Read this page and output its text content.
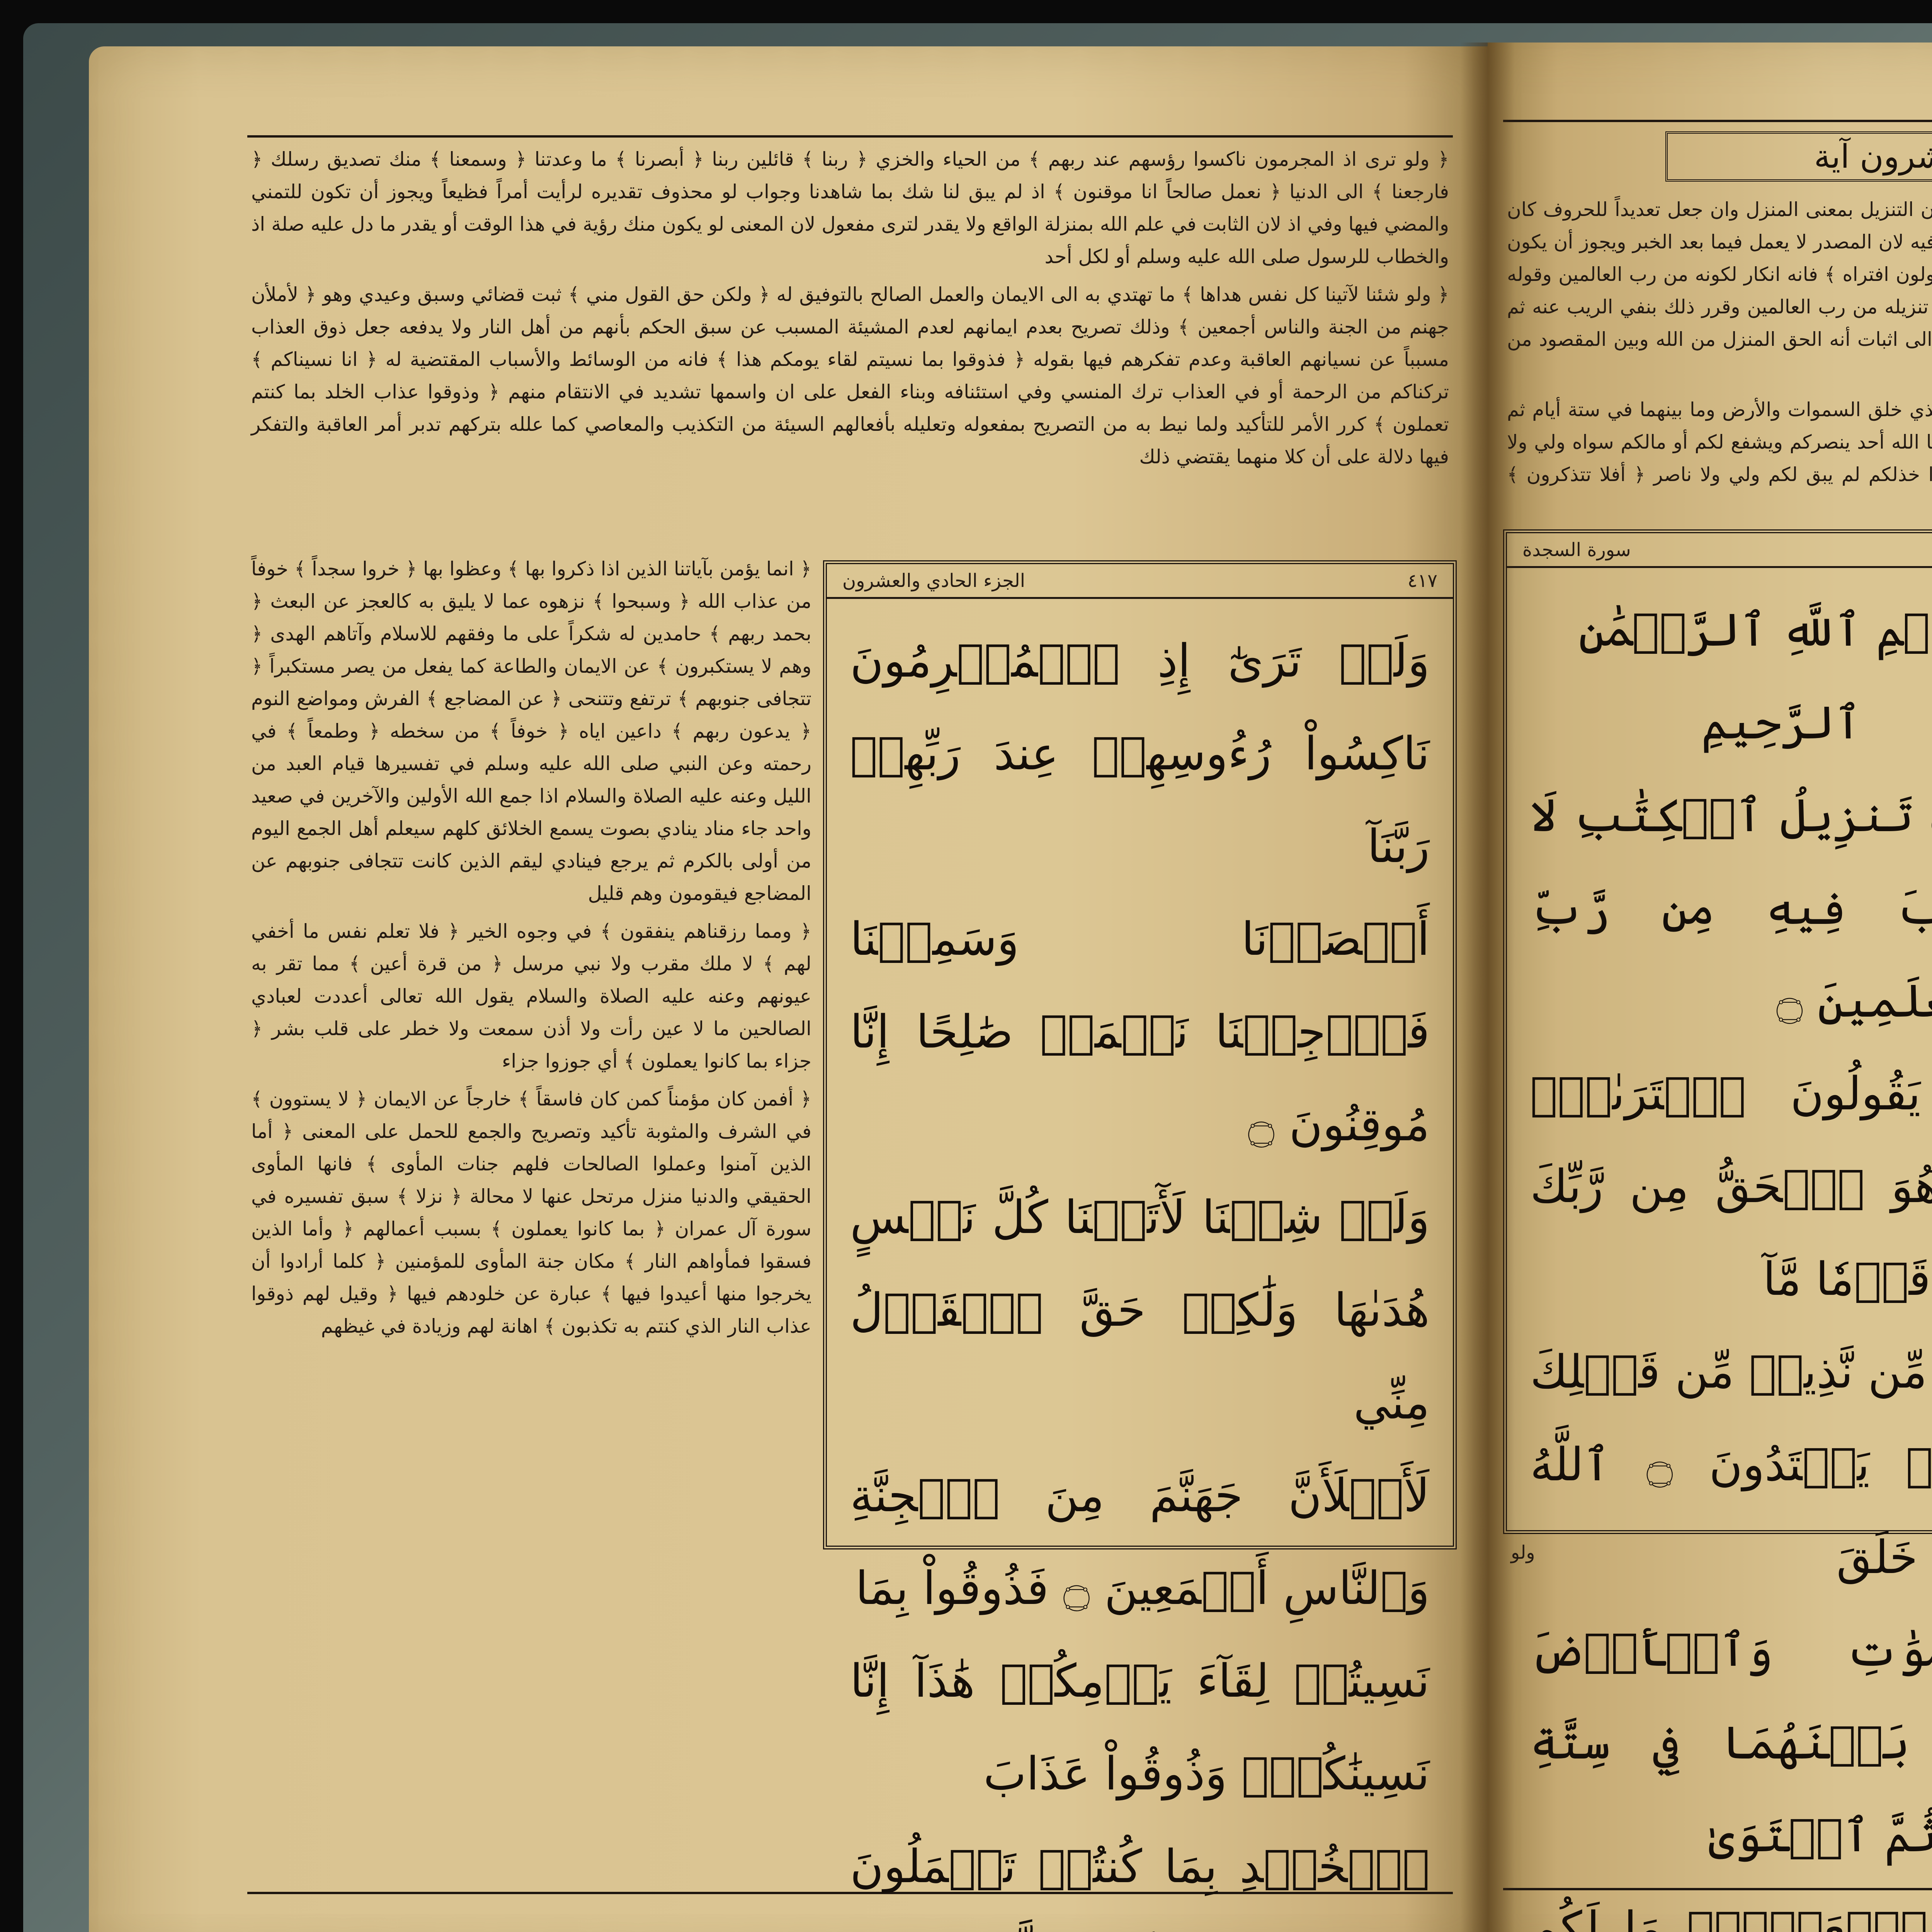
﴿ ولو ترى اذ المجرمون ناكسوا رؤسهم عند ربهم ﴾ من الحياء والخزي ﴿ ربنا ﴾ قائلين ربنا ﴿ أبصرنا ﴾ ما وعدتنا ﴿ وسمعنا ﴾ منك تصديق رسلك ﴿ فارجعنا ﴾ الى الدنيا ﴿ نعمل صالحاً انا موقنون ﴾ اذ لم يبق لنا شك بما شاهدنا وجواب لو محذوف تقديره لرأيت أمراً فظيعاً ويجوز أن تكون للتمني والمضي فيها وفي اذ لان الثابت في علم الله بمنزلة الواقع ولا يقدر لترى مفعول لان المعنى لو يكون منك رؤية في هذا الوقت أو يقدر ما دل عليه صلة اذ والخطاب للرسول صلى الله عليه وسلم أو لكل أحد

﴿ ولو شئنا لآتينا كل نفس هداها ﴾ ما تهتدي به الى الايمان والعمل الصالح بالتوفيق له ﴿ ولكن حق القول مني ﴾ ثبت قضائي وسبق وعيدي وهو ﴿ لأملأن جهنم من الجنة والناس أجمعين ﴾ وذلك تصريح بعدم ايمانهم لعدم المشيئة المسبب عن سبق الحكم بأنهم من أهل النار ولا يدفعه جعل ذوق العذاب مسبباً عن نسيانهم العاقبة وعدم تفكرهم فيها بقوله ﴿ فذوقوا بما نسيتم لقاء يومكم هذا ﴾ فانه من الوسائط والأسباب المقتضية له ﴿ انا نسيناكم ﴾ تركناكم من الرحمة أو في العذاب ترك المنسي وفي استئنافه وبناء الفعل على ان واسمها تشديد في الانتقام منهم ﴿ وذوقوا عذاب الخلد بما كنتم تعملون ﴾ كرر الأمر للتأكيد ولما نيط به من التصريح بمفعوله وتعليله بأفعالهم السيئة من التكذيب والمعاصي كما علله بتركهم تدبر أمر العاقبة والتفكر فيها دلالة على أن كلا منهما يقتضي ذلك

﴿ انما يؤمن بآياتنا الذين اذا ذكروا بها ﴾ وعظوا بها ﴿ خروا سجداً ﴾ خوفاً من عذاب الله ﴿ وسبحوا ﴾ نزهوه عما لا يليق به كالعجز عن البعث ﴿ بحمد ربهم ﴾ حامدين له شكراً على ما وفقهم للاسلام وآتاهم الهدى ﴿ وهم لا يستكبرون ﴾ عن الايمان والطاعة كما يفعل من يصر مستكبراً ﴿ تتجافى جنوبهم ﴾ ترتفع وتتنحى ﴿ عن المضاجع ﴾ الفرش ومواضع النوم ﴿ يدعون ربهم ﴾ داعين اياه ﴿ خوفاً ﴾ من سخطه ﴿ وطمعاً ﴾ في رحمته وعن النبي صلى الله عليه وسلم في تفسيرها قيام العبد من الليل وعنه عليه الصلاة والسلام اذا جمع الله الأولين والآخرين في صعيد واحد جاء مناد ينادي بصوت يسمع الخلائق كلهم سيعلم أهل الجمع اليوم من أولى بالكرم ثم يرجع فينادي ليقم الذين كانت تتجافى جنوبهم عن المضاجع فيقومون وهم قليل

﴿ ومما رزقناهم ينفقون ﴾ في وجوه الخير ﴿ فلا تعلم نفس ما أخفي لهم ﴾ لا ملك مقرب ولا نبي مرسل ﴿ من قرة أعين ﴾ مما تقر به عيونهم وعنه عليه الصلاة والسلام يقول الله تعالى أعددت لعبادي الصالحين ما لا عين رأت ولا أذن سمعت ولا خطر على قلب بشر ﴿ جزاء بما كانوا يعملون ﴾ أي جوزوا جزاء

﴿ أفمن كان مؤمناً كمن كان فاسقاً ﴾ خارجاً عن الايمان ﴿ لا يستوون ﴾ في الشرف والمثوبة تأكيد وتصريح والجمع للحمل على المعنى ﴿ أما الذين آمنوا وعملوا الصالحات فلهم جنات المأوى ﴾ فانها المأوى الحقيقي والدنيا منزل مرتحل عنها لا محالة ﴿ نزلا ﴾ سبق تفسيره في سورة آل عمران ﴿ بما كانوا يعملون ﴾ بسبب أعمالهم ﴿ وأما الذين فسقوا فمأواهم النار ﴾ مكان جنة المأوى للمؤمنين ﴿ كلما أرادوا أن يخرجوا منها أعيدوا فيها ﴾ عبارة عن خلودهم فيها ﴿ وقيل لهم ذوقوا عذاب النار الذي كنتم به تكذبون ﴾ اهانة لهم وزيادة في غيظهم

٤١٧
الجزء الحادي والعشرون
وَلَوۡ تَرَىٰٓ إِذِ ٱلۡمُجۡرِمُونَ نَاكِسُواْ رُءُوسِهِمۡ عِندَ رَبِّهِمۡ رَبَّنَآ
أَبۡصَرۡنَا وَسَمِعۡنَا فَٱرۡجِعۡنَا نَعۡمَلۡ صَٰلِحًا إِنَّا مُوقِنُونَ ۝
وَلَوۡ شِئۡنَا لَأٓتَيۡنَا كُلَّ نَفۡسٍ هُدَىٰهَا وَلَٰكِنۡ حَقَّ ٱلۡقَوۡلُ مِنِّي
لَأَمۡلَأَنَّ جَهَنَّمَ مِنَ ٱلۡجِنَّةِ وَٱلنَّاسِ أَجۡمَعِينَ ۝ فَذُوقُواْ بِمَا
نَسِيتُمۡ لِقَآءَ يَوۡمِكُمۡ هَٰذَآ إِنَّا نَسِينَٰكُمۡۖ وَذُوقُواْ عَذَابَ
ٱلۡخُلۡدِ بِمَا كُنتُمۡ تَعۡمَلُونَ
رون آية

ن التنزيل بمعنى المنزل وان جعل تعديداً للحروف كان يه لان المصدر لا يعمل فيما بعد الخبر ويجوز أن يكون ولون افتراه ﴾ فانه انكار لكونه من رب العالمين وقوله تنزيله من رب العالمين وقرر ذلك بنفي الريب عنه ثم الى اثبات أنه الحق المنزل من الله وبين المقصود من

ذي خلق السموات والأرض وما بينهما في ستة أيام ثم ا الله أحد ينصركم ويشفع لكم أو مالكم سواه ولي ولا ا خذلكم لم يبق لكم ولي ولا ناصر ﴿ أفلا تتذكرون

سورة السجدة
سۡمِ ٱللَّهِ ٱلرَّحۡمَٰنِ ٱلرَّحِيمِ
تَنزِيلُ ٱلۡكِتَٰبِ لَا بَ فِيهِ مِن رَّبِّ لَمِينَ ۝
يَقُولُونَ ٱفۡتَرَىٰهُۚ هُوَ ٱلۡحَقُّ مِن رَّبِّكَ قَوۡمٗا مَّآ
مِّن نَّذِيرٖ مِّن قَبۡلِكَ يَهۡتَدُونَ ۝ ٱللَّهُ خَلَقَ
وَٰتِ وَٱلۡأَرۡضَ بَيۡنَهُمَا فِي سِتَّةِ مَّ ٱسۡتَوَىٰ
ٱلۡعَرۡشِۖ مَا لَكُم
ولو
